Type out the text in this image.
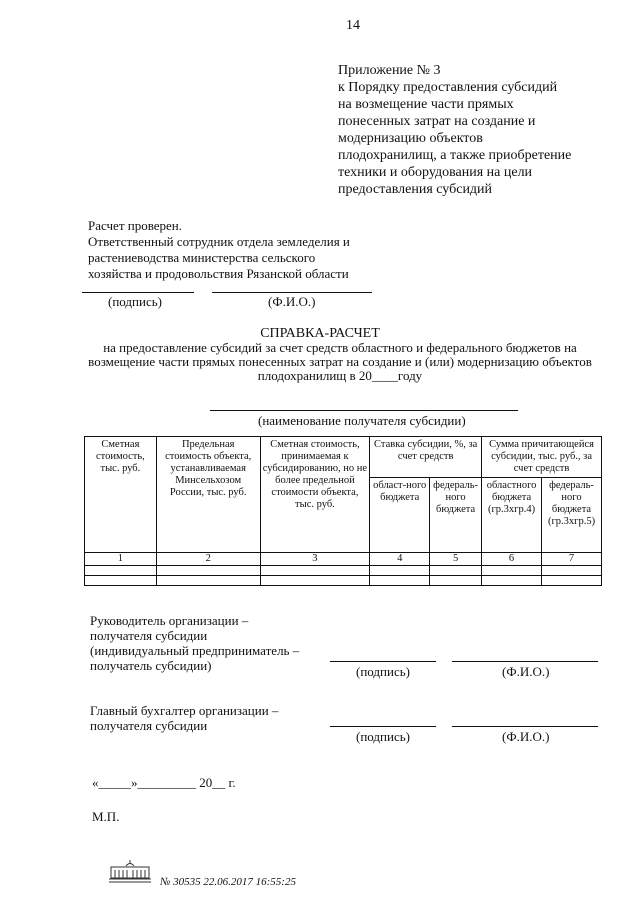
14
Приложение № 3
к Порядку предоставления субсидий
на возмещение части прямых
понесенных затрат на создание и
модернизацию объектов
плодохранилищ, а также приобретение
техники и оборудования на цели
предоставления субсидий
Расчет проверен.
Ответственный сотрудник отдела земледелия и
растениеводства министерства сельского
хозяйства и продовольствия Рязанской области
(подпись)	(Ф.И.О.)
СПРАВКА-РАСЧЕТ
на предоставление субсидий за счет средств областного и федерального бюджетов на
возмещение части прямых понесенных затрат на создание и (или) модернизацию объектов
плодохранилищ в 20____году
(наименование получателя субсидии)
Сметная стоимость, тыс. руб.	Предельная стоимость объекта, устанавливаемая Минсельхозом России, тыс. руб.	Сметная стоимость, принимаемая к субсидированию, но не более предельной стоимости объекта, тыс. руб.	Ставка субсидии, %, за счет средств		Сумма причитающейся субсидии, тыс. руб., за счет средств	
			област-ного бюджета	федераль-ного бюджета	областного бюджета (гр.3хгр.4)	федераль-ного бюджета (гр.3хгр.5)
1	2	3	4	5	6	7

Руководитель организации –
получателя субсидии
(индивидуальный предприниматель –
получатель субсидии)	(подпись)	(Ф.И.О.)
Главный бухгалтер организации –
получателя субсидии
(подпись)	(Ф.И.О.)
«_____»_________ 20__ г.
М.П.
№ 30535 22.06.2017 16:55:25
